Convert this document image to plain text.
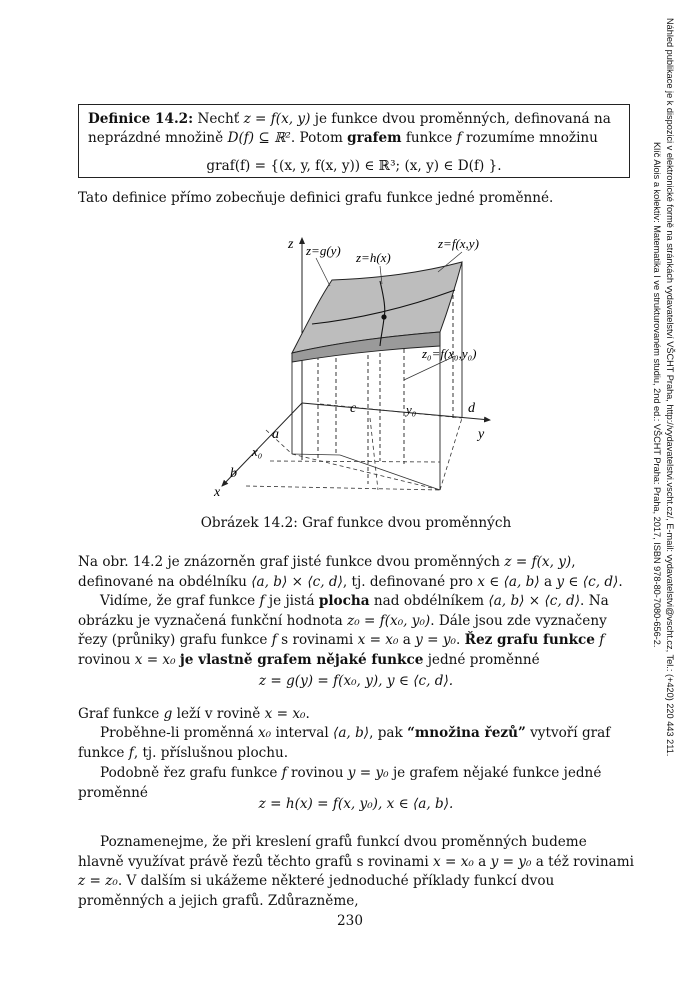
Náhled publikace je k dispozici v elektronické formě na stránkách vydavatelství VŠCHT Praha, http://vydavatelstvi.vscht.cz/, E-mail: vydavatelstvi@vscht.cz, Tel.: (+420) 220 443 211.
Klíč Alois a kolektiv: Matematika I ve strukturovaném studiu, 2nd ed.: VŠCHT Praha: Praha, 2017, ISBN 978-80-7080-656-2.
Definice 14.2: Nechť z = f(x, y) je funkce dvou proměnných, definovaná na neprázdné množině D(f) ⊆ ℝ². Potom grafem funkce f rozumíme množinu
graf(f) = {(x, y, f(x, y)) ∈ ℝ³; (x, y) ∈ D(f) }.
Tato definice přímo zobecňuje definici grafu funkce jedné proměnné.
z z=g(y) z=h(x)
z=f(x,y)
z₀=f(x₀,y₀)
c	y₀	d
a
x₀
y
b
x
Obrázek 14.2: Graf funkce dvou proměnných
Na obr. 14.2 je znázorněn graf jisté funkce dvou proměnných z = f(x, y), definované na obdélníku ⟨a, b⟩ × ⟨c, d⟩, tj. definované pro x ∈ ⟨a, b⟩ a y ∈ ⟨c, d⟩.
Vidíme, že graf funkce f je jistá plocha nad obdélníkem ⟨a, b⟩ × ⟨c, d⟩. Na obrázku je vyznačená funkční hodnota z₀ = f(x₀, y₀). Dále jsou zde vyznačeny řezy (průniky) grafu funkce f s rovinami x = x₀ a y = y₀. Řez grafu funkce f rovinou x = x₀ je vlastně grafem nějaké funkce jedné proměnné
z = g(y) = f(x₀, y), y ∈ ⟨c, d⟩.
Graf funkce g leží v rovině x = x₀.
Proběhne-li proměnná x₀ interval ⟨a, b⟩, pak “množina řezů” vytvoří graf funkce f, tj. příslušnou plochu.
Podobně řez grafu funkce f rovinou y = y₀ je grafem nějaké funkce jedné proměnné
z = h(x) = f(x, y₀), x ∈ ⟨a, b⟩.
Poznamenejme, že při kreslení grafů funkcí dvou proměnných budeme hlavně využívat právě řezů těchto grafů s rovinami x = x₀ a y = y₀ a též rovinami z = z₀. V dalším si ukážeme některé jednoduché příklady funkcí dvou proměnných a jejich grafů. Zdůrazněme,
230
